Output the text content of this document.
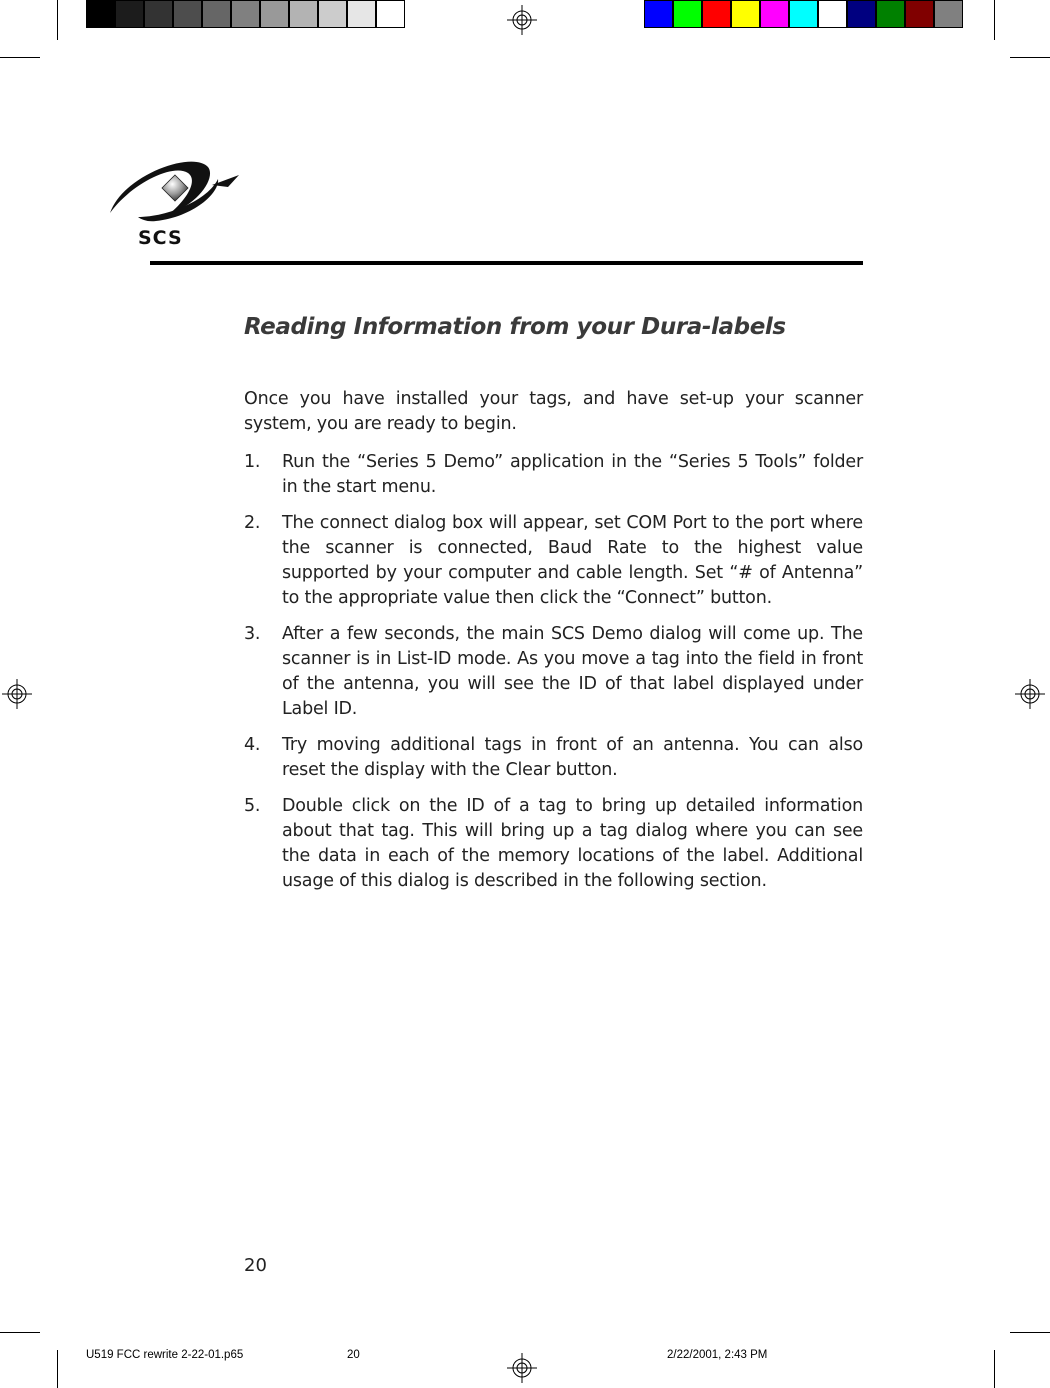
SCS
Reading Information from your Dura-labels

Once you have installed your tags, and have set-up your scanner system, you are ready to begin.

1. Run the “Series 5 Demo” application in the “Series 5 Tools” folder in the start menu.
2. The connect dialog box will appear, set COM Port to the port where the scanner is connected, Baud Rate to the highest value supported by your computer and cable length. Set “# of Antenna” to the appropriate value then click the “Connect” button.
3. After a few seconds, the main SCS Demo dialog will come up. The scanner is in List-ID mode. As you move a tag into the field in front of the antenna, you will see the ID of that label displayed under Label ID.
4. Try moving additional tags in front of an antenna. You can also reset the display with the Clear button.
5. Double click on the ID of a tag to bring up detailed information about that tag. This will bring up a tag dialog where you can see the data in each of the memory locations of the label. Additional usage of this dialog is described in the following section.
20
U519 FCC rewrite 2-22-01.p65	20	2/22/2001, 2:43 PM
